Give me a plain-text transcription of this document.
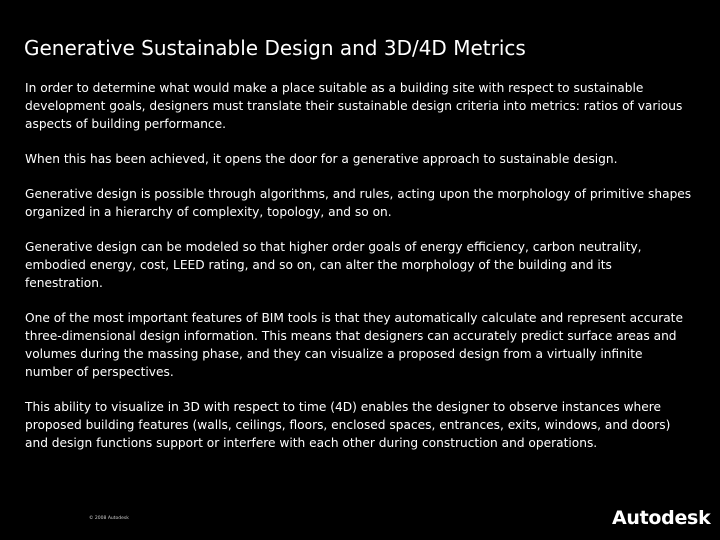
Generative Sustainable Design and 3D/4D Metrics

In order to determine what would make a place suitable as a building site with respect to sustainable development goals, designers must translate their sustainable design criteria into metrics: ratios of various aspects of building performance.

When this has been achieved, it opens the door for a generative approach to sustainable design.

Generative design is possible through algorithms, and rules, acting upon the morphology of primitive shapes organized in a hierarchy of complexity, topology, and so on.

Generative design can be modeled so that higher order goals of energy efficiency, carbon neutrality, embodied energy, cost, LEED rating, and so on, can alter the morphology of the building and its fenestration.

One of the most important features of BIM tools is that they automatically calculate and represent accurate three-dimensional design information. This means that designers can accurately predict surface areas and volumes during the massing phase, and they can visualize a proposed design from a virtually infinite number of perspectives.

This ability to visualize in 3D with respect to time (4D) enables the designer to observe instances where proposed building features (walls, ceilings, floors, enclosed spaces, entrances, exits, windows, and doors) and design functions support or interfere with each other during construction and operations.

© 2008 Autodesk	Autodesk
